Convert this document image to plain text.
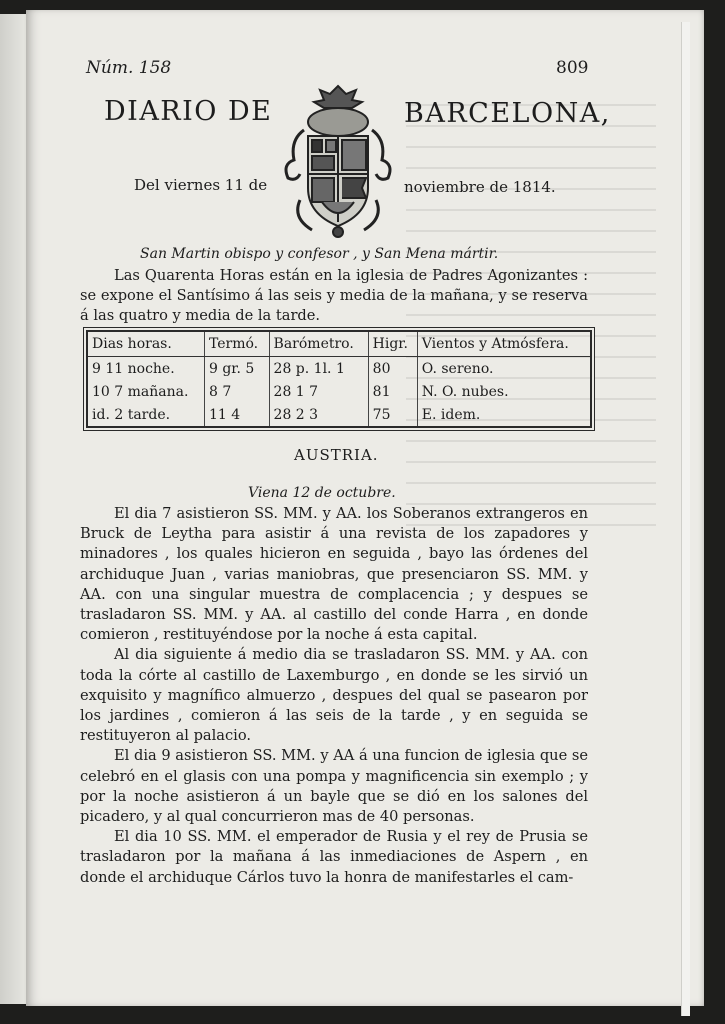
Núm. 158	809
DIARIO DE	BARCELONA,
Del viernes 11 de	noviembre de 1814.
San Martin obispo y confesor , y San Mena mártir.
Las Quarenta Horas están en la iglesia de Padres Agonizantes : se expone el Santísimo á las seis y media de la mañana, y se reserva á las quatro y media de la tarde.
Dias horas.	Termó.	Barómetro.	Higr.	Vientos y Atmósfera.
9 11 noche.	9 gr. 5	28 p. 1l. 1	80	O. sereno.
10 7 mañana.	8 7	28 1 7	81	N. O. nubes.
id. 2 tarde.	11 4	28 2 3	75	E. idem.
AUSTRIA.
Viena 12 de octubre.

El dia 7 asistieron SS. MM. y AA. los Soberanos extrangeros en Bruck de Leytha para asistir á una revista de los zapadores y minadores , los quales hicieron en seguida , bayo las órdenes del archiduque Juan , varias maniobras, que presenciaron SS. MM. y AA. con una singular muestra de complacencia ; y despues se trasladaron SS. MM. y AA. al castillo del conde Harra , en donde comieron , restituyéndose por la noche á esta capital.

Al dia siguiente á medio dia se trasladaron SS. MM. y AA. con toda la córte al castillo de Laxemburgo , en donde se les sirvió un exquisito y magnífico almuerzo , despues del qual se pasearon por los jardines , comieron á las seis de la tarde , y en seguida se restituyeron al palacio.

El dia 9 asistieron SS. MM. y AA á una funcion de iglesia que se celebró en el glasis con una pompa y magnificencia sin exemplo ; y por la noche asistieron á un bayle que se dió en los salones del picadero, y al qual concurrieron mas de 40 personas.

El dia 10 SS. MM. el emperador de Rusia y el rey de Prusia se trasladaron por la mañana á las inmediaciones de Aspern , en donde el archiduque Cárlos tuvo la honra de manifestarles el cam-
